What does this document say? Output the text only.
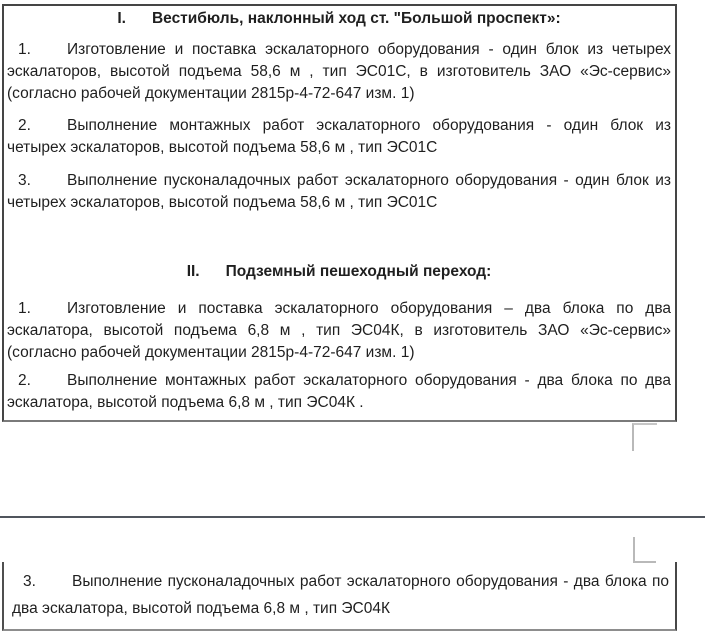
I. Вестибюль, наклонный ход ст. "Большой проспект»:

1. Изготовление и поставка эскалаторного оборудования - один блок из четырех эскалаторов, высотой подъема 58,6 м , тип ЭС01С, в изготовитель ЗАО «Эс-сервис» (согласно рабочей документации 2815р-4-72-647 изм. 1)

2. Выполнение монтажных работ эскалаторного оборудования - один блок из четырех эскалаторов, высотой подъема 58,6 м , тип ЭС01С

3. Выполнение пусконаладочных работ эскалаторного оборудования - один блок из четырех эскалаторов, высотой подъема 58,6 м , тип ЭС01С

II. Подземный пешеходный переход:

1. Изготовление и поставка эскалаторного оборудования – два блока по два эскалатора, высотой подъема 6,8 м , тип ЭС04К, в изготовитель ЗАО «Эс-сервис» (согласно рабочей документации 2815р-4-72-647 изм. 1)

2. Выполнение монтажных работ эскалаторного оборудования - два блока по два эскалатора, высотой подъема 6,8 м , тип ЭС04К .

3. Выполнение пусконаладочных работ эскалаторного оборудования - два блока по два эскалатора, высотой подъема 6,8 м , тип ЭС04К
